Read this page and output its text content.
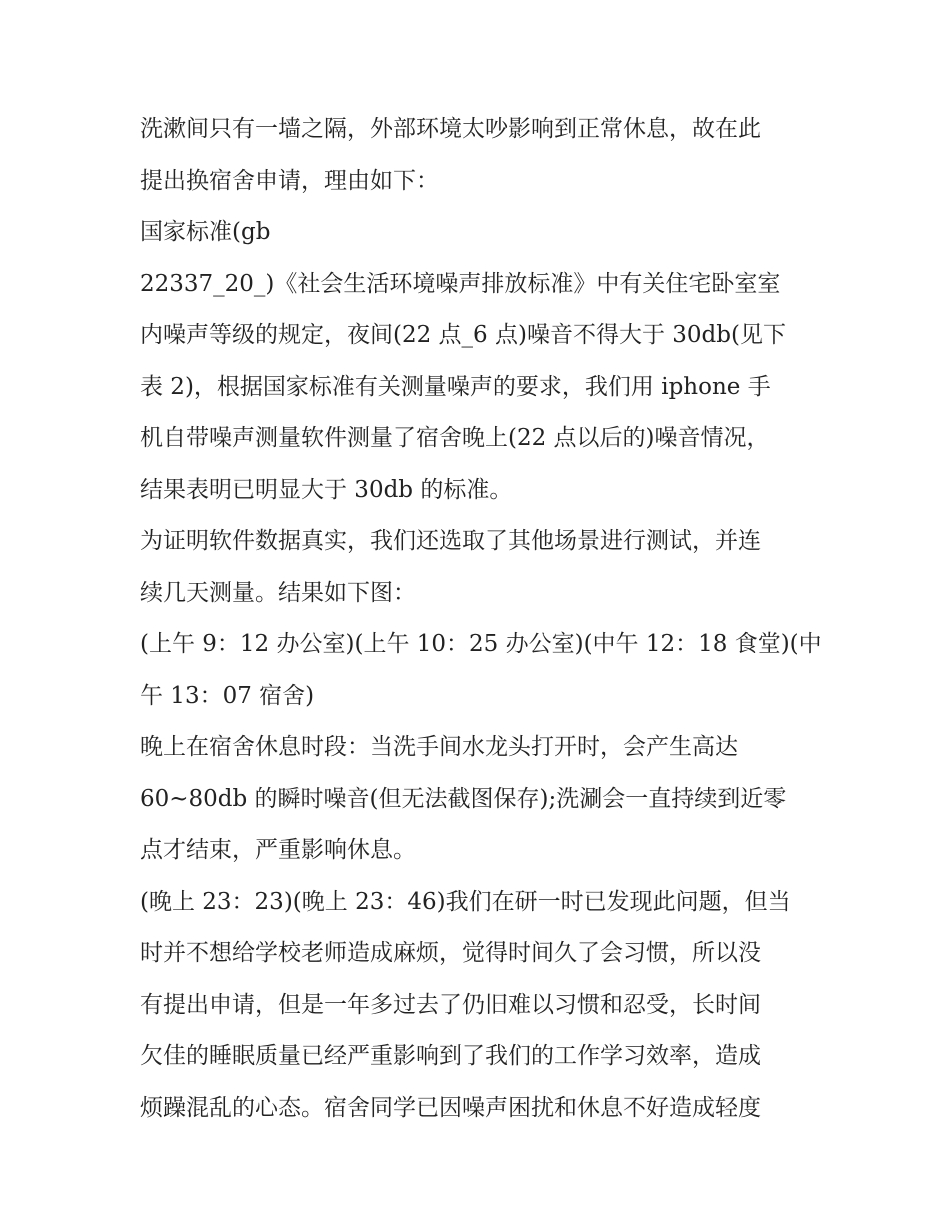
洗漱间只有一墙之隔，外部环境太吵影响到正常休息，故在此
提出换宿舍申请，理由如下：
国家标准(gb
22337_20_)《社会生活环境噪声排放标准》中有关住宅卧室室
内噪声等级的规定，夜间(22 点_6 点)噪音不得大于 30db(见下
表 2)，根据国家标准有关测量噪声的要求，我们用 iphone 手
机自带噪声测量软件测量了宿舍晚上(22 点以后的)噪音情况，
结果表明已明显大于 30db 的标准。
为证明软件数据真实，我们还选取了其他场景进行测试，并连
续几天测量。结果如下图：
(上午 9：12 办公室)(上午 10：25 办公室)(中午 12：18 食堂)(中
午 13：07 宿舍)
晚上在宿舍休息时段：当洗手间水龙头打开时，会产生高达
60~80db 的瞬时噪音(但无法截图保存);洗涮会一直持续到近零
点才结束，严重影响休息。
(晚上 23：23)(晚上 23：46)我们在研一时已发现此问题，但当
时并不想给学校老师造成麻烦，觉得时间久了会习惯，所以没
有提出申请，但是一年多过去了仍旧难以习惯和忍受，长时间
欠佳的睡眠质量已经严重影响到了我们的工作学习效率，造成
烦躁混乱的心态。宿舍同学已因噪声困扰和休息不好造成轻度
